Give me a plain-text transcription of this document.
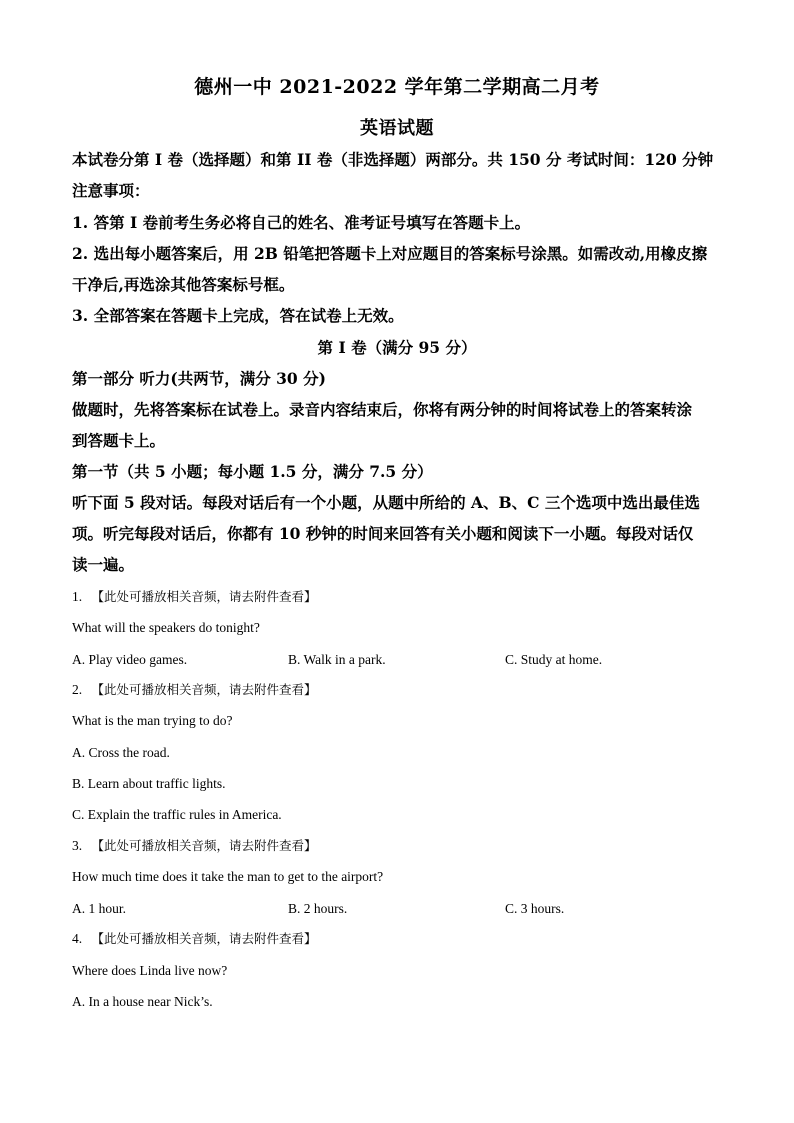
德州一中 2021-2022 学年第二学期高二月考
英语试题
本试卷分第 I 卷（选择题）和第 II 卷（非选择题）两部分。共 150 分 考试时间：120 分钟
注意事项：
1. 答第 I 卷前考生务必将自己的姓名、准考证号填写在答题卡上。
2. 选出每小题答案后，用 2B 铅笔把答题卡上对应题目的答案标号涂黑。如需改动,用橡皮擦
干净后,再选涂其他答案标号框。
3. 全部答案在答题卡上完成，答在试卷上无效。
第 I 卷（满分 95 分）
第一部分 听力(共两节，满分 30 分)
做题时，先将答案标在试卷上。录音内容结束后，你将有两分钟的时间将试卷上的答案转涂
到答题卡上。
第一节（共 5 小题；每小题 1.5 分，满分 7.5 分）
听下面 5 段对话。每段对话后有一个小题，从题中所给的 A、B、C 三个选项中选出最佳选
项。听完每段对话后，你都有 10 秒钟的时间来回答有关小题和阅读下一小题。每段对话仅
读一遍。
1. 【此处可播放相关音频，请去附件查看】
What will the speakers do tonight?
A. Play video games.	B. Walk in a park.	C. Study at home.
2. 【此处可播放相关音频，请去附件查看】
What is the man trying to do?
A. Cross the road.
B. Learn about traffic lights.
C. Explain the traffic rules in America.
3. 【此处可播放相关音频，请去附件查看】
How much time does it take the man to get to the airport?
A. 1 hour.	B. 2 hours.	C. 3 hours.
4. 【此处可播放相关音频，请去附件查看】
Where does Linda live now?
A. In a house near Nick’s.
